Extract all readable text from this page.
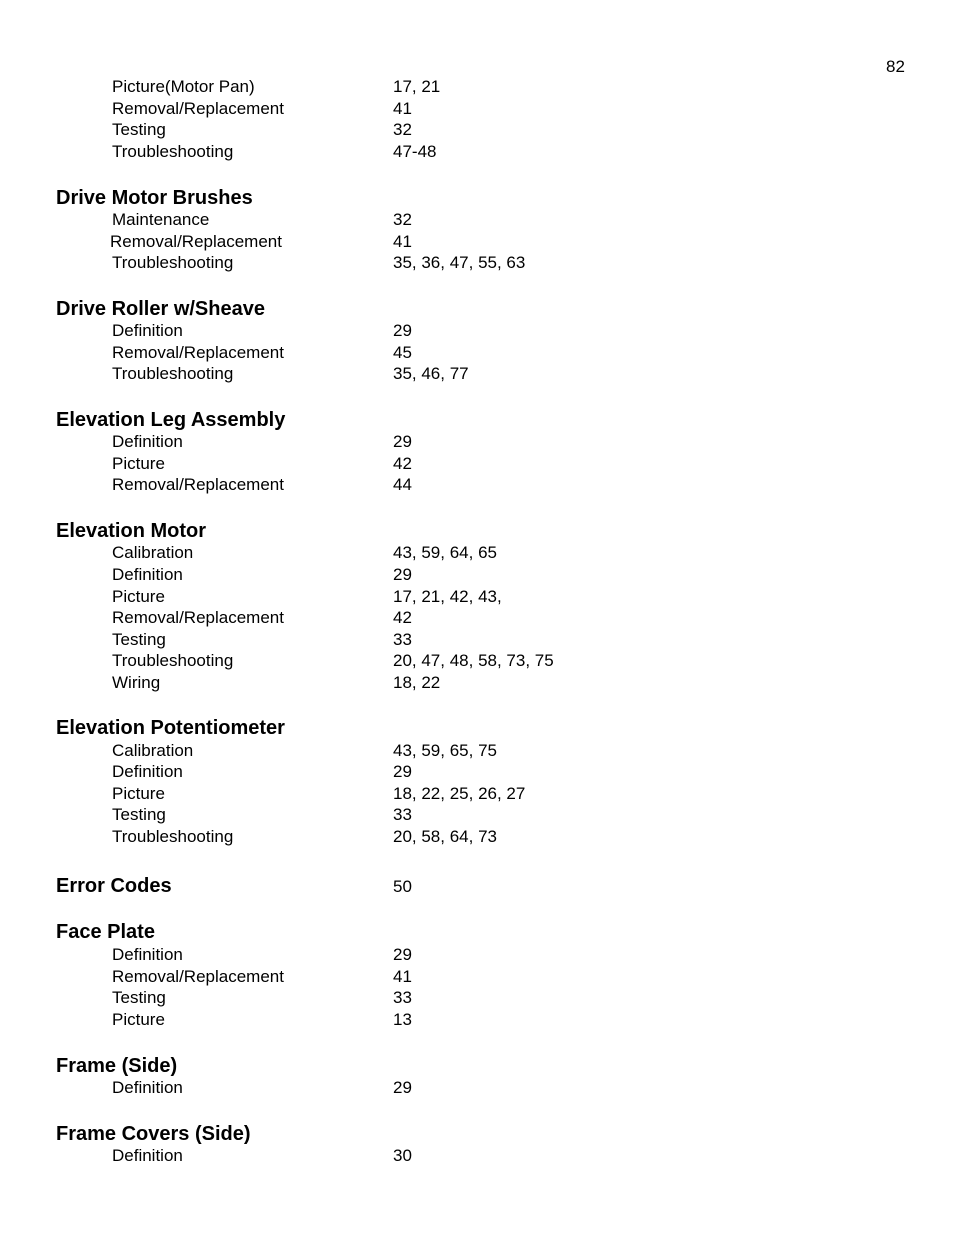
82
Picture(Motor Pan)	17, 21
Removal/Replacement	41
Testing	32
Troubleshooting	47-48
Drive Motor Brushes
Maintenance	32
Removal/Replacement	41
Troubleshooting	35, 36, 47, 55, 63
Drive Roller w/Sheave
Definition	29
Removal/Replacement	45
Troubleshooting	35, 46, 77
Elevation Leg Assembly
Definition	29
Picture	42
Removal/Replacement	44
Elevation Motor
Calibration	43, 59, 64, 65
Definition	29
Picture	17, 21, 42, 43,
Removal/Replacement	42
Testing	33
Troubleshooting	20, 47, 48, 58, 73, 75
Wiring	18, 22
Elevation Potentiometer
Calibration	43, 59, 65, 75
Definition	29
Picture	18, 22, 25, 26, 27
Testing	33
Troubleshooting	20, 58, 64, 73
Error Codes	50
Face Plate
Definition	29
Removal/Replacement	41
Testing	33
Picture	13
Frame (Side)
Definition	29
Frame Covers (Side)
Definition	30
